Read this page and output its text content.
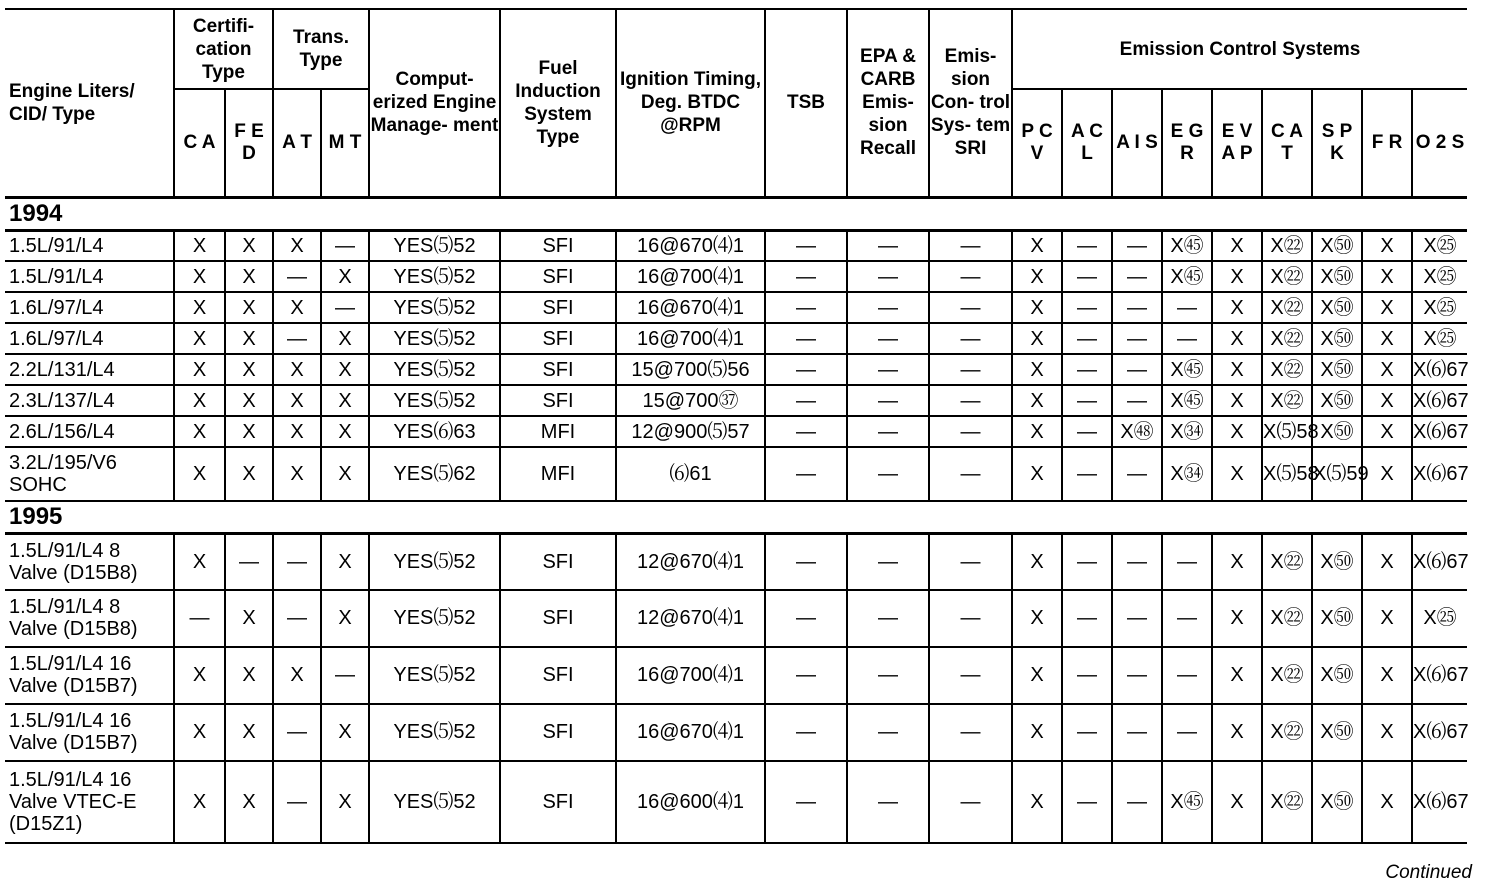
Engine Liters/ CID/ Type	Certifi- cation Type		Trans. Type		Comput- erized Engine Manage- ment	Fuel Induction System Type	Ignition Timing, Deg. BTDC @RPM	TSB	EPA & CARB Emis- sion Recall	Emis- sion Con- trol Sys- tem SRI	Emission Control Systems								
	C A	F E D	A T	M T							P C V	A C L	A I S	E G R	E V A P	C A T	S P K	F R	O 2 S
1994																			
1.5L/91/L4	X	X	X	—	YES⑸52	SFI	16@670⑷1	—	—	—	X	—	—	X㊺	X	X㉒	X㊿	X	X㉕
1.5L/91/L4	X	X	—	X	YES⑸52	SFI	16@700⑷1	—	—	—	X	—	—	X㊺	X	X㉒	X㊿	X	X㉕
1.6L/97/L4	X	X	X	—	YES⑸52	SFI	16@670⑷1	—	—	—	X	—	—	—	X	X㉒	X㊿	X	X㉕
1.6L/97/L4	X	X	—	X	YES⑸52	SFI	16@700⑷1	—	—	—	X	—	—	—	X	X㉒	X㊿	X	X㉕
2.2L/131/L4	X	X	X	X	YES⑸52	SFI	15@700⑸56	—	—	—	X	—	—	X㊺	X	X㉒	X㊿	X	X⑹67
2.3L/137/L4	X	X	X	X	YES⑸52	SFI	15@700㊲	—	—	—	X	—	—	X㊺	X	X㉒	X㊿	X	X⑹67
2.6L/156/L4	X	X	X	X	YES⑹63	MFI	12@900⑸57	—	—	—	X	—	X㊽	X㉞	X	X⑸58	X㊿	X	X⑹67
3.2L/195/V6 SOHC	X	X	X	X	YES⑸62	MFI	⑹61	—	—	—	X	—	—	X㉞	X	X⑸58	X⑸59	X	X⑹67
1995																			
1.5L/91/L4 8 Valve (D15B8)	X	—	—	X	YES⑸52	SFI	12@670⑷1	—	—	—	X	—	—	—	X	X㉒	X㊿	X	X⑹67
1.5L/91/L4 8 Valve (D15B8)	—	X	—	X	YES⑸52	SFI	12@670⑷1	—	—	—	X	—	—	—	X	X㉒	X㊿	X	X㉕
1.5L/91/L4 16 Valve (D15B7)	X	X	X	—	YES⑸52	SFI	16@700⑷1	—	—	—	X	—	—	—	X	X㉒	X㊿	X	X⑹67
1.5L/91/L4 16 Valve (D15B7)	X	X	—	X	YES⑸52	SFI	16@670⑷1	—	—	—	X	—	—	—	X	X㉒	X㊿	X	X⑹67
1.5L/91/L4 16 Valve VTEC-E (D15Z1)	X	X	—	X	YES⑸52	SFI	16@600⑷1	—	—	—	X	—	—	X㊺	X	X㉒	X㊿	X	X⑹67
Continued
